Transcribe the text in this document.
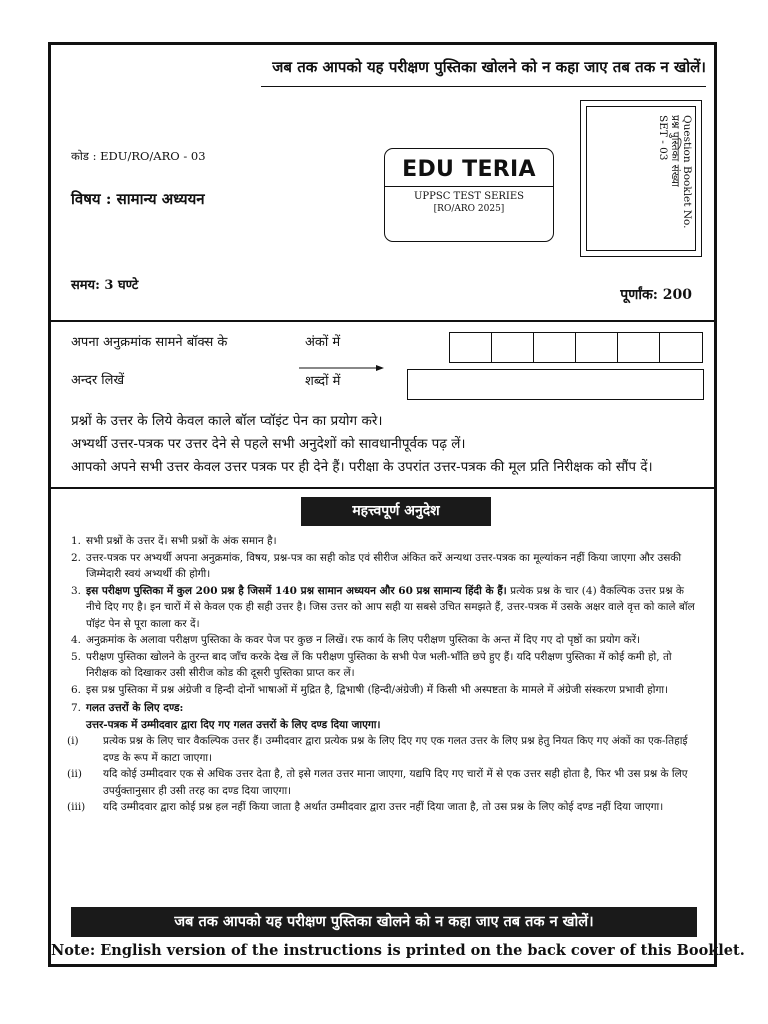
जब तक आपको यह परीक्षण पुस्तिका खोलने को न कहा जाए तब तक न खोलें।
कोड : EDU/RO/ARO - 03
विषय : सामान्य अध्ययन
EDU TERIA
UPPSC TEST SERIES
[RO/ARO 2025]	Question Booklet No.
प्रश्न पुस्तिका संख्या
SET - 03
समय: 3 घण्टे
पूर्णांक: 200
अपना अनुक्रमांक सामने बॉक्स के
अन्दर लिखें
अंकों में
शब्दों में
प्रश्नों के उत्तर के लिये केवल काले बॉल प्वॉइंट पेन का प्रयोग करे।
अभ्यर्थी उत्तर-पत्रक पर उत्तर देने से पहले सभी अनुदेशों को सावधानीपूर्वक पढ़ लें।
आपको अपने सभी उत्तर केवल उत्तर पत्रक पर ही देने हैं। परीक्षा के उपरांत उत्तर-पत्रक की मूल प्रति निरीक्षक को सौंप दें।
महत्त्वपूर्ण अनुदेश
1. सभी प्रश्नों के उत्तर दें। सभी प्रश्नों के अंक समान है।
2. उत्तर-पत्रक पर अभ्यर्थी अपना अनुक्रमांक, विषय, प्रश्न-पत्र का सही कोड एवं सीरीज अंकित करें अन्यथा उत्तर-पत्रक का मूल्यांकन नहीं किया जाएगा और उसकी जिम्मेदारी स्वयं अभ्यर्थी की होगी।
3. इस परीक्षण पुस्तिका में कुल 200 प्रश्न है जिसमें 140 प्रश्न सामान अध्ययन और 60 प्रश्न सामान्य हिंदी के हैं। प्रत्येक प्रश्न के चार (4) वैकल्पिक उत्तर प्रश्न के नीचे दिए गए है। इन चारों में से केवल एक ही सही उत्तर है। जिस उत्तर को आप सही या सबसे उचित समझते हैं, उत्तर-पत्रक में उसके अक्षर वाले वृत्त को काले बॉल पॉइंट पेन से पूरा काला कर दें।
4. अनुक्रमांक के अलावा परीक्षण पुस्तिका के कवर पेज पर कुछ न लिखें। रफ कार्य के लिए परीक्षण पुस्तिका के अन्त में दिए गए दो पृष्ठों का प्रयोग करें।
5. परीक्षण पुस्तिका खोलने के तुरन्त बाद जाँच करके देख लें कि परीक्षण पुस्तिका के सभी पेज भली-भाँति छपे हुए हैं। यदि परीक्षण पुस्तिका में कोई कमी हो, तो निरीक्षक को दिखाकर उसी सीरीज कोड की दूसरी पुस्तिका प्राप्त कर लें।
6. इस प्रश्न पुस्तिका में प्रश्न अंग्रेजी व हिन्दी दोनों भाषाओं में मुद्रित है, द्विभाषी (हिन्दी/अंग्रेजी) में किसी भी अस्पष्टता के मामले में अंग्रेजी संस्करण प्रभावी होगा।
7. गलत उत्तरों के लिए दण्ड:
उत्तर-पत्रक में उम्मीदवार द्वारा दिए गए गलत उत्तरों के लिए दण्ड दिया जाएगा।
(i) प्रत्येक प्रश्न के लिए चार वैकल्पिक उत्तर हैं। उम्मीदवार द्वारा प्रत्येक प्रश्न के लिए दिए गए एक गलत उत्तर के लिए प्रश्न हेतु नियत किए गए अंकों का एक-तिहाई दण्ड के रूप में काटा जाएगा।
(ii) यदि कोई उम्मीदवार एक से अधिक उत्तर देता है, तो इसे गलत उत्तर माना जाएगा, यद्यपि दिए गए चारों में से एक उत्तर सही होता है, फिर भी उस प्रश्न के लिए उपर्युक्तानुसार ही उसी तरह का दण्ड दिया जाएगा।
(iii) यदि उम्मीदवार द्वारा कोई प्रश्न हल नहीं किया जाता है अर्थात उम्मीदवार द्वारा उत्तर नहीं दिया जाता है, तो उस प्रश्न के लिए कोई दण्ड नहीं दिया जाएगा।
जब तक आपको यह परीक्षण पुस्तिका खोलने को न कहा जाए तब तक न खोलें।
Note: English version of the instructions is printed on the back cover of this Booklet.
